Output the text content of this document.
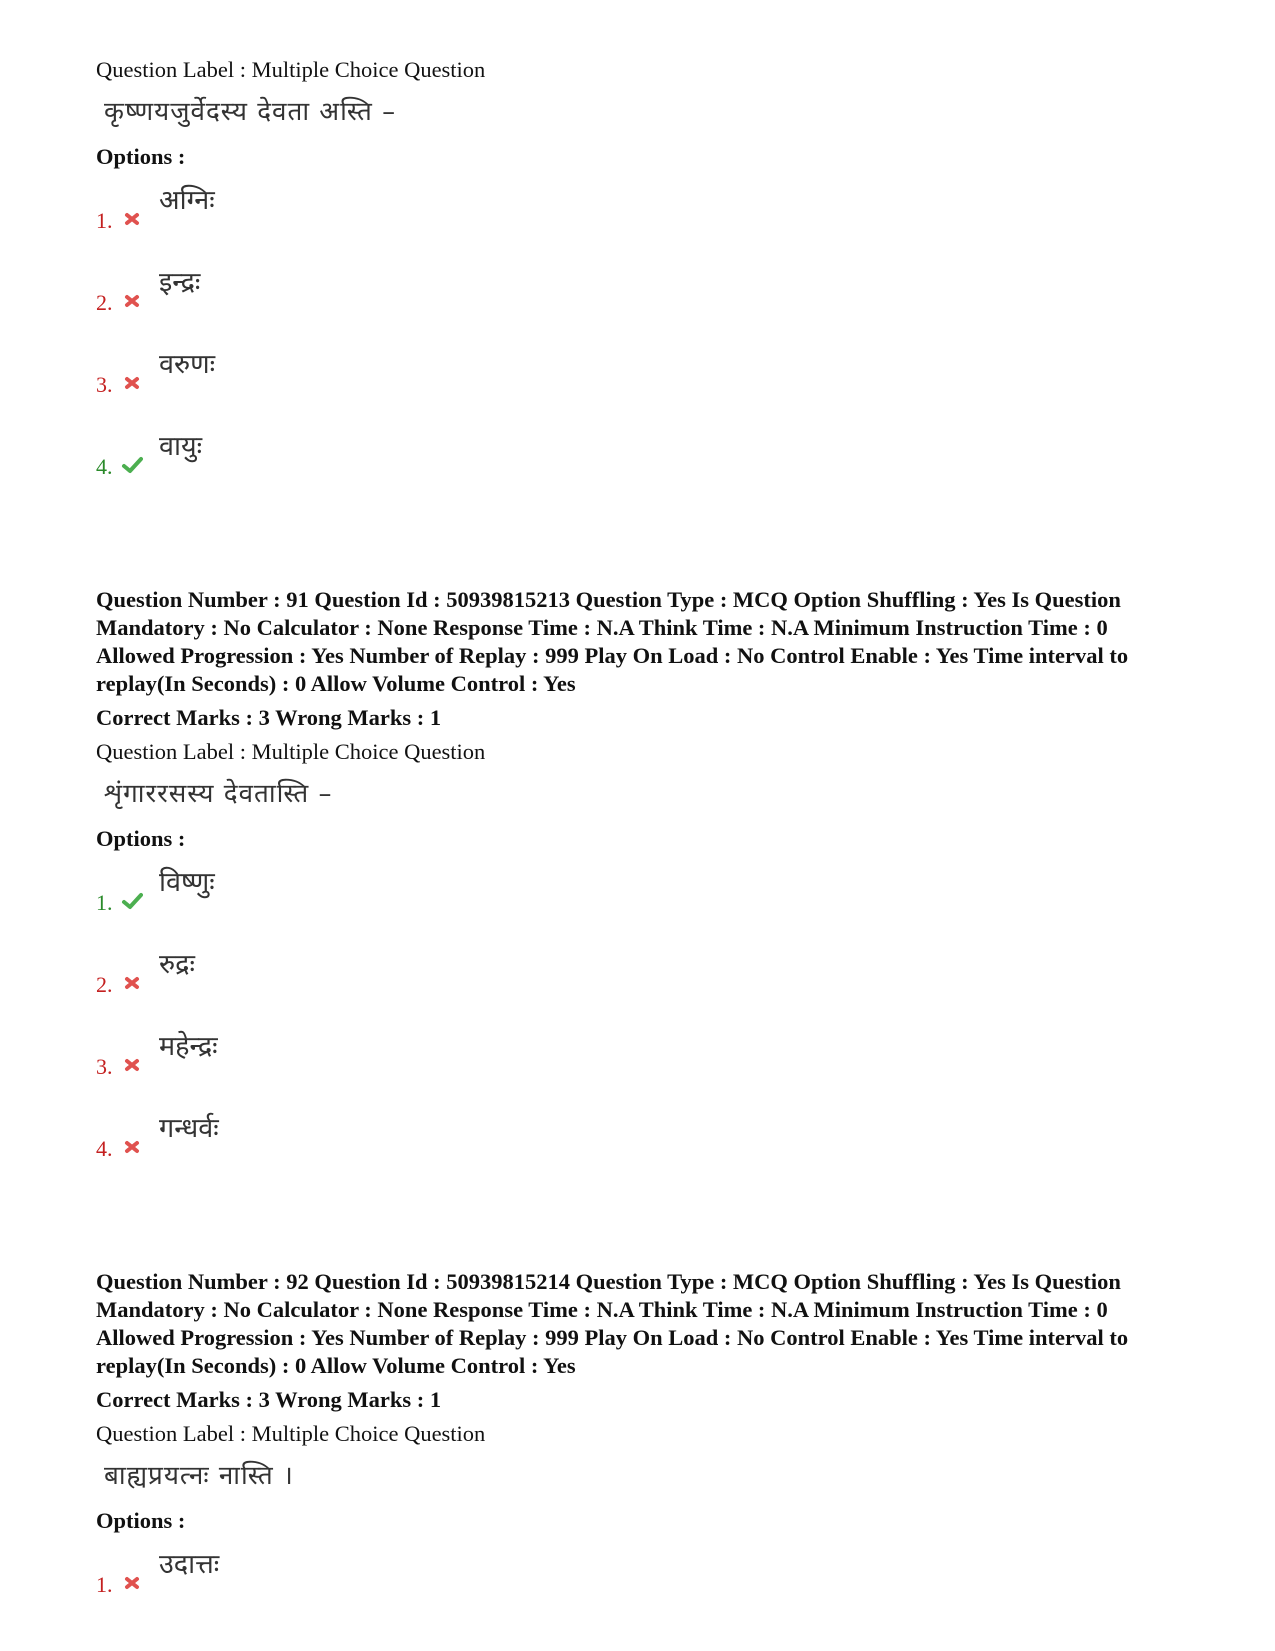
Question Label : Multiple Choice Question
कृष्णयजुर्वेदस्य देवता अस्ति –
Options :
1.
अग्निः
2.
इन्द्रः
3.
वरुणः
4.
वायुः
Question Number : 91 Question Id : 50939815213 Question Type : MCQ Option Shuffling : Yes Is Question Mandatory : No Calculator : None Response Time : N.A Think Time : N.A Minimum Instruction Time : 0 Allowed Progression : Yes Number of Replay : 999 Play On Load : No Control Enable : Yes Time interval to replay(In Seconds) : 0 Allow Volume Control : Yes
Correct Marks : 3 Wrong Marks : 1
Question Label : Multiple Choice Question
शृंगाररसस्य देवतास्ति –
Options :
1.
विष्णुः
2.
रुद्रः
3.
महेन्द्रः
4.
गन्धर्वः
Question Number : 92 Question Id : 50939815214 Question Type : MCQ Option Shuffling : Yes Is Question Mandatory : No Calculator : None Response Time : N.A Think Time : N.A Minimum Instruction Time : 0 Allowed Progression : Yes Number of Replay : 999 Play On Load : No Control Enable : Yes Time interval to replay(In Seconds) : 0 Allow Volume Control : Yes
Correct Marks : 3 Wrong Marks : 1
Question Label : Multiple Choice Question
बाह्यप्रयत्नः नास्ति ।
Options :
1.
उदात्तः
